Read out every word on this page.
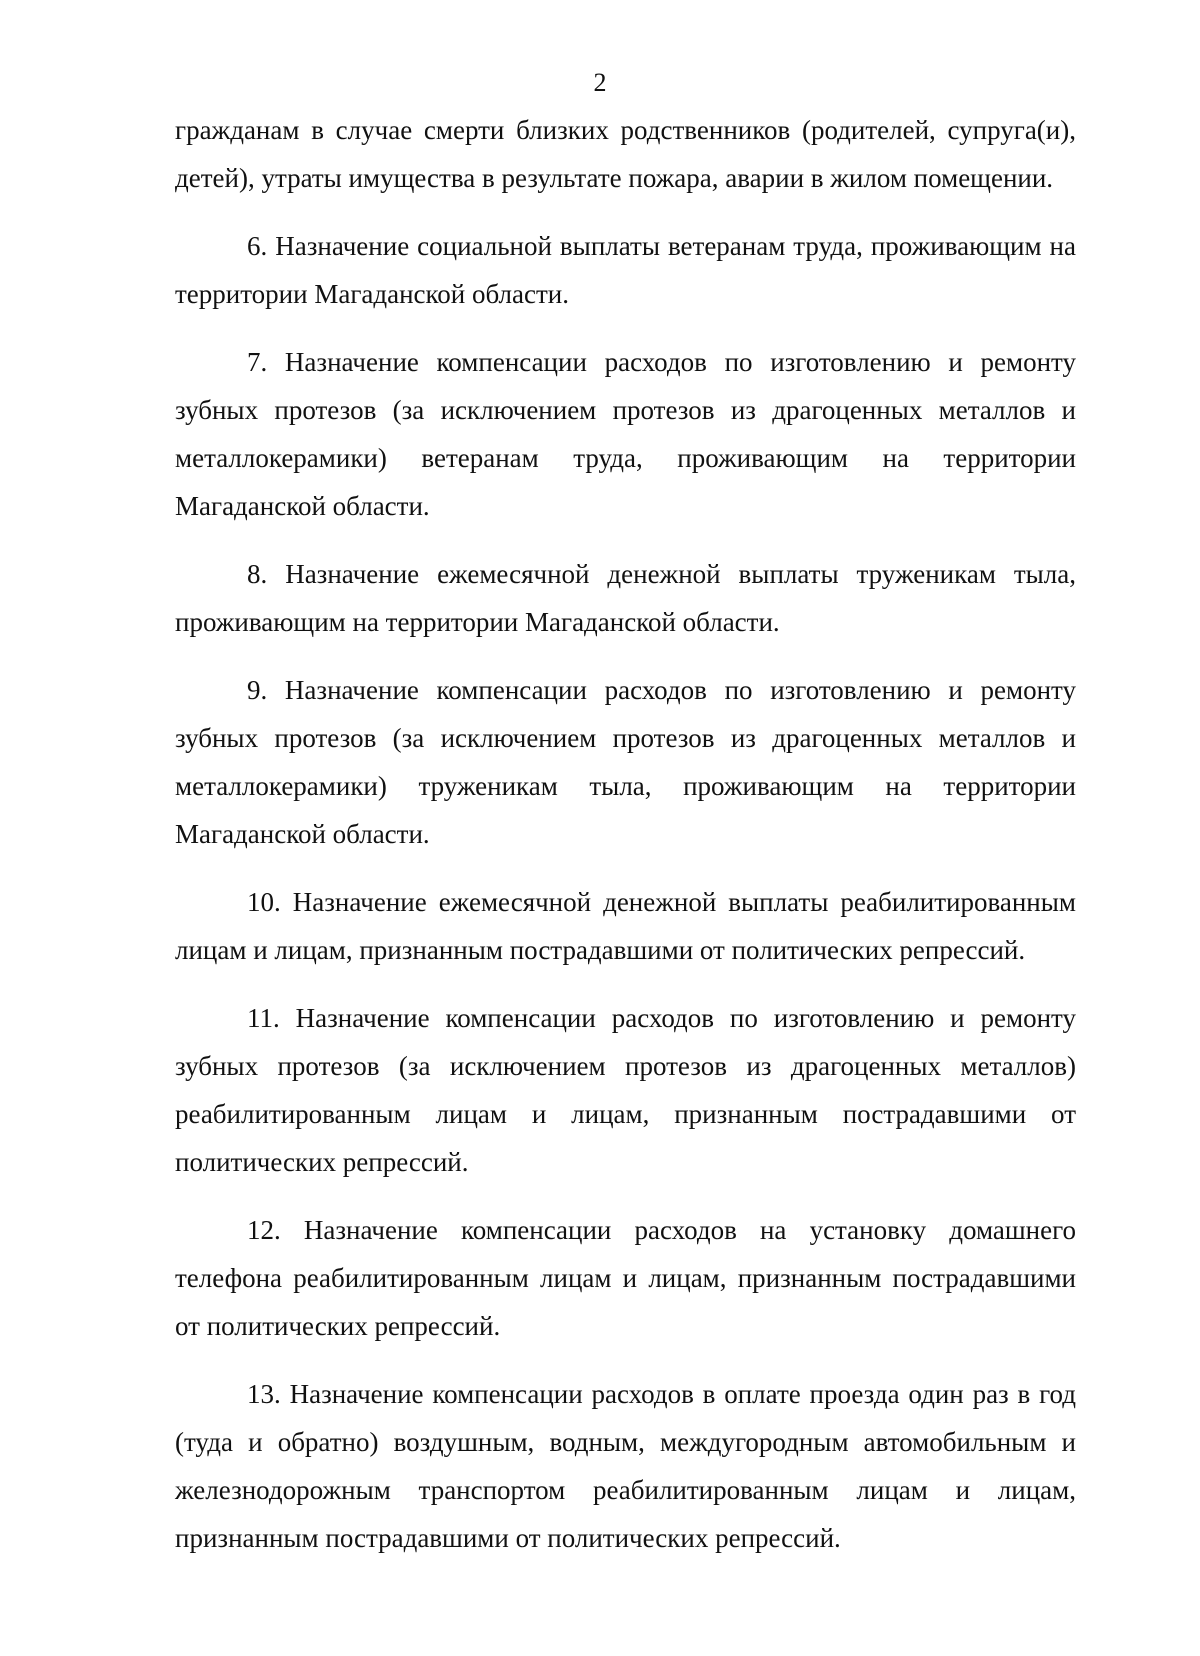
2

гражданам в случае смерти близких родственников (родителей, супруга(и), детей), утраты имущества в результате пожара, аварии в жилом помещении.

6. Назначение социальной выплаты ветеранам труда, проживающим на территории Магаданской области.

7. Назначение компенсации расходов по изготовлению и ремонту зубных протезов (за исключением протезов из драгоценных металлов и металлокерамики) ветеранам труда, проживающим на территории Магаданской области.

8. Назначение ежемесячной денежной выплаты труженикам тыла, проживающим на территории Магаданской области.

9. Назначение компенсации расходов по изготовлению и ремонту зубных протезов (за исключением протезов из драгоценных металлов и металлокерамики) труженикам тыла, проживающим на территории Магаданской области.

10. Назначение ежемесячной денежной выплаты реабилитированным лицам и лицам, признанным пострадавшими от политических репрессий.

11. Назначение компенсации расходов по изготовлению и ремонту зубных протезов (за исключением протезов из драгоценных металлов) реабилитированным лицам и лицам, признанным пострадавшими от политических репрессий.

12. Назначение компенсации расходов на установку домашнего телефона реабилитированным лицам и лицам, признанным пострадавшими от политических репрессий.

13. Назначение компенсации расходов в оплате проезда один раз в год (туда и обратно) воздушным, водным, междугородным автомобильным и железнодорожным транспортом реабилитированным лицам и лицам, признанным пострадавшими от политических репрессий.
